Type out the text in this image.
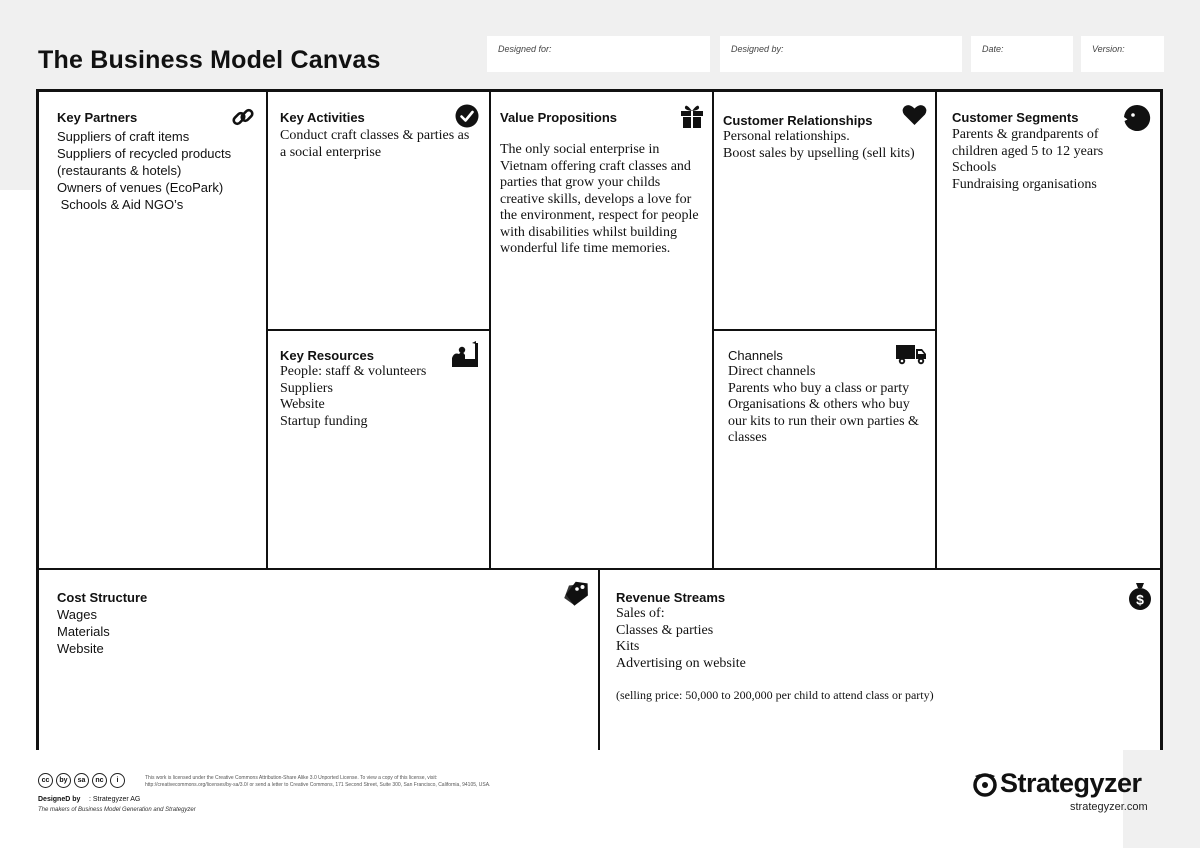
The Business Model Canvas	Designed for:	Designed by:	Date:	Version:
Key Partners
Suppliers of craft items
Suppliers of recycled products
(restaurants & hotels)
Owners of venues (EcoPark)
Schools & Aid NGO’s
Key Activities
Conduct craft classes & parties as
a social enterprise
Key Resources
People: staff & volunteers
Suppliers
Website
Startup funding
Value Propositions
The only social enterprise in
Vietnam offering craft classes and
parties that grow your childs
creative skills, develops a love for
the environment, respect for people
with disabilities whilst building
wonderful life time memories.
Customer Relationships
Personal relationships.
Boost sales by upselling (sell kits)
Channels
Direct channels
Parents who buy a class or party
Organisations & others who buy
our kits to run their own parties &
classes
Customer Segments
Parents & grandparents of
children aged 5 to 12 years
Schools
Fundraising organisations
Cost Structure
Wages
Materials
Website
Revenue Streams	$
Sales of:
Classes & parties
Kits
Advertising on website
(selling price: 50,000 to 200,000 per child to attend class or party)
cc	by	sa	nc	i	This work is licensed under the Creative Commons Attribution-Share Alike 3.0 Unported License. To view a copy of this license, visit:
http://creativecommons.org/licenses/by-sa/3.0/ or send a letter to Creative Commons, 171 Second Street, Suite 300, San Francisco, California, 94105, USA.
DesigneD by : Strategyzer AG
The makers of Business Model Generation and Strategyzer
Strategyzer
strategyzer.com
